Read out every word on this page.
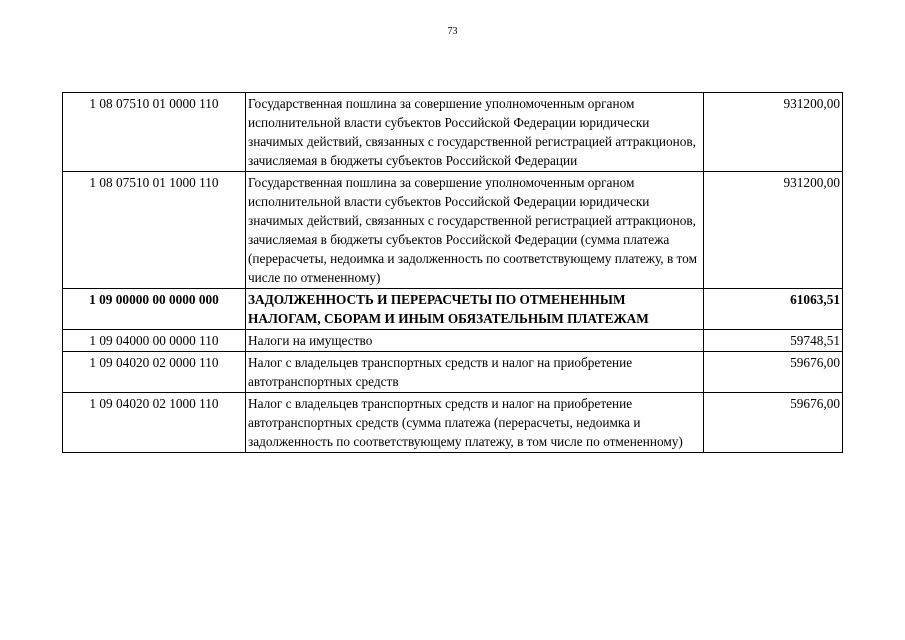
73
1 08 07510 01 0000 110	Государственная пошлина за совершение уполномоченным органом исполнительной власти субъектов Российской Федерации юридически значимых действий, связанных с государственной регистрацией аттракционов, зачисляемая в бюджеты субъектов Российской Федерации	931200,00
1 08 07510 01 1000 110	Государственная пошлина за совершение уполномоченным органом исполнительной власти субъектов Российской Федерации юридически значимых действий, связанных с государственной регистрацией аттракционов, зачисляемая в бюджеты субъектов Российской Федерации (сумма платежа (перерасчеты, недоимка и задолженность по соответствующему платежу, в том числе по отмененному)	931200,00
1 09 00000 00 0000 000	ЗАДОЛЖЕННОСТЬ И ПЕРЕРАСЧЕТЫ ПО ОТМЕНЕННЫМ НАЛОГАМ, СБОРАМ И ИНЫМ ОБЯЗАТЕЛЬНЫМ ПЛАТЕЖАМ	61063,51
1 09 04000 00 0000 110	Налоги на имущество	59748,51
1 09 04020 02 0000 110	Налог с владельцев транспортных средств и налог на приобретение автотранспортных средств	59676,00
1 09 04020 02 1000 110	Налог с владельцев транспортных средств и налог на приобретение автотранспортных средств (сумма платежа (перерасчеты, недоимка и задолженность по соответствующему платежу, в том числе по отмененному)	59676,00
